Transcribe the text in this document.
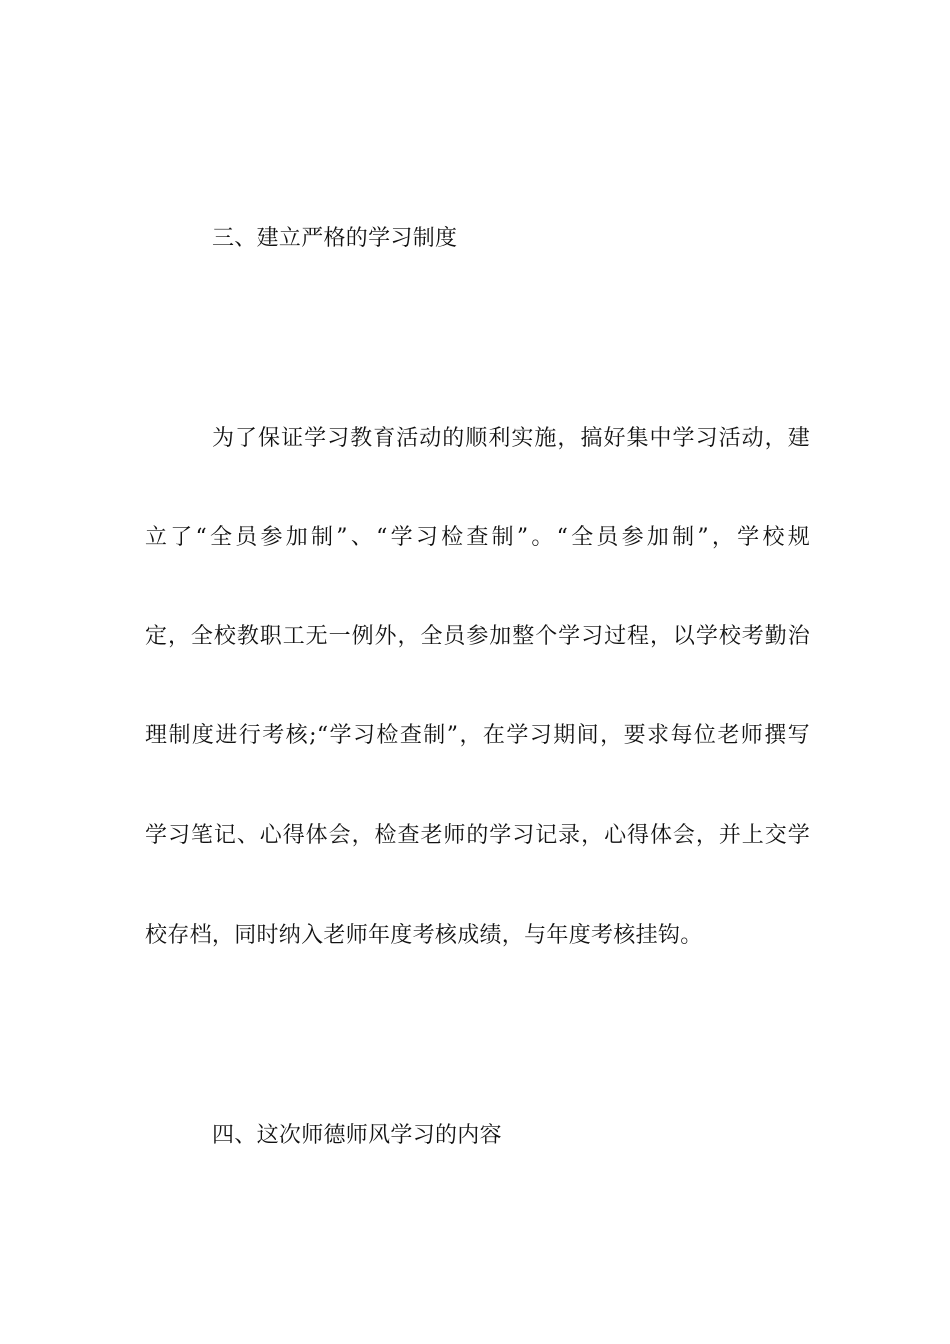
三、建立严格的学习制度
为了保证学习教育活动的顺利实施，搞好集中学习活动，建
立了“全员参加制”、“学习检查制”。“全员参加制”，学校规
定，全校教职工无一例外，全员参加整个学习过程，以学校考勤治
理制度进行考核;“学习检查制”，在学习期间，要求每位老师撰写
学习笔记、心得体会，检查老师的学习记录，心得体会，并上交学
校存档，同时纳入老师年度考核成绩，与年度考核挂钩。
四、这次师德师风学习的内容
